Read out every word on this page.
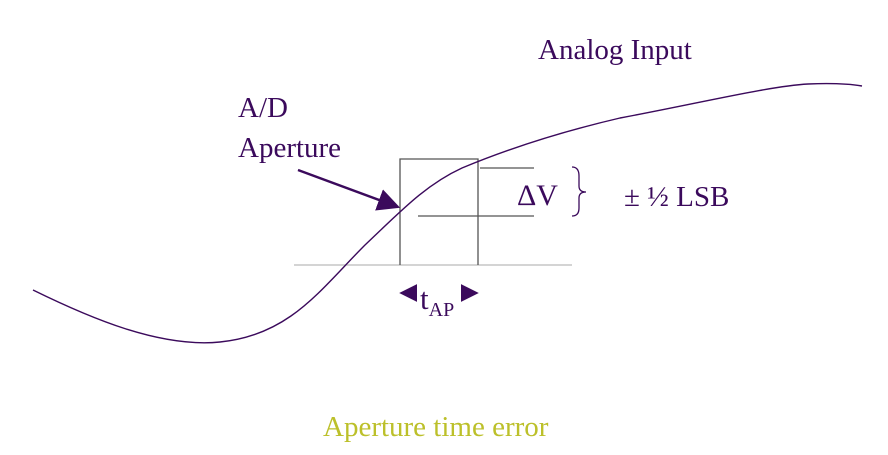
Analog Input
A/D
Aperture
ΔV ± ½ LSB
$t_{AP}$
Aperture time error
